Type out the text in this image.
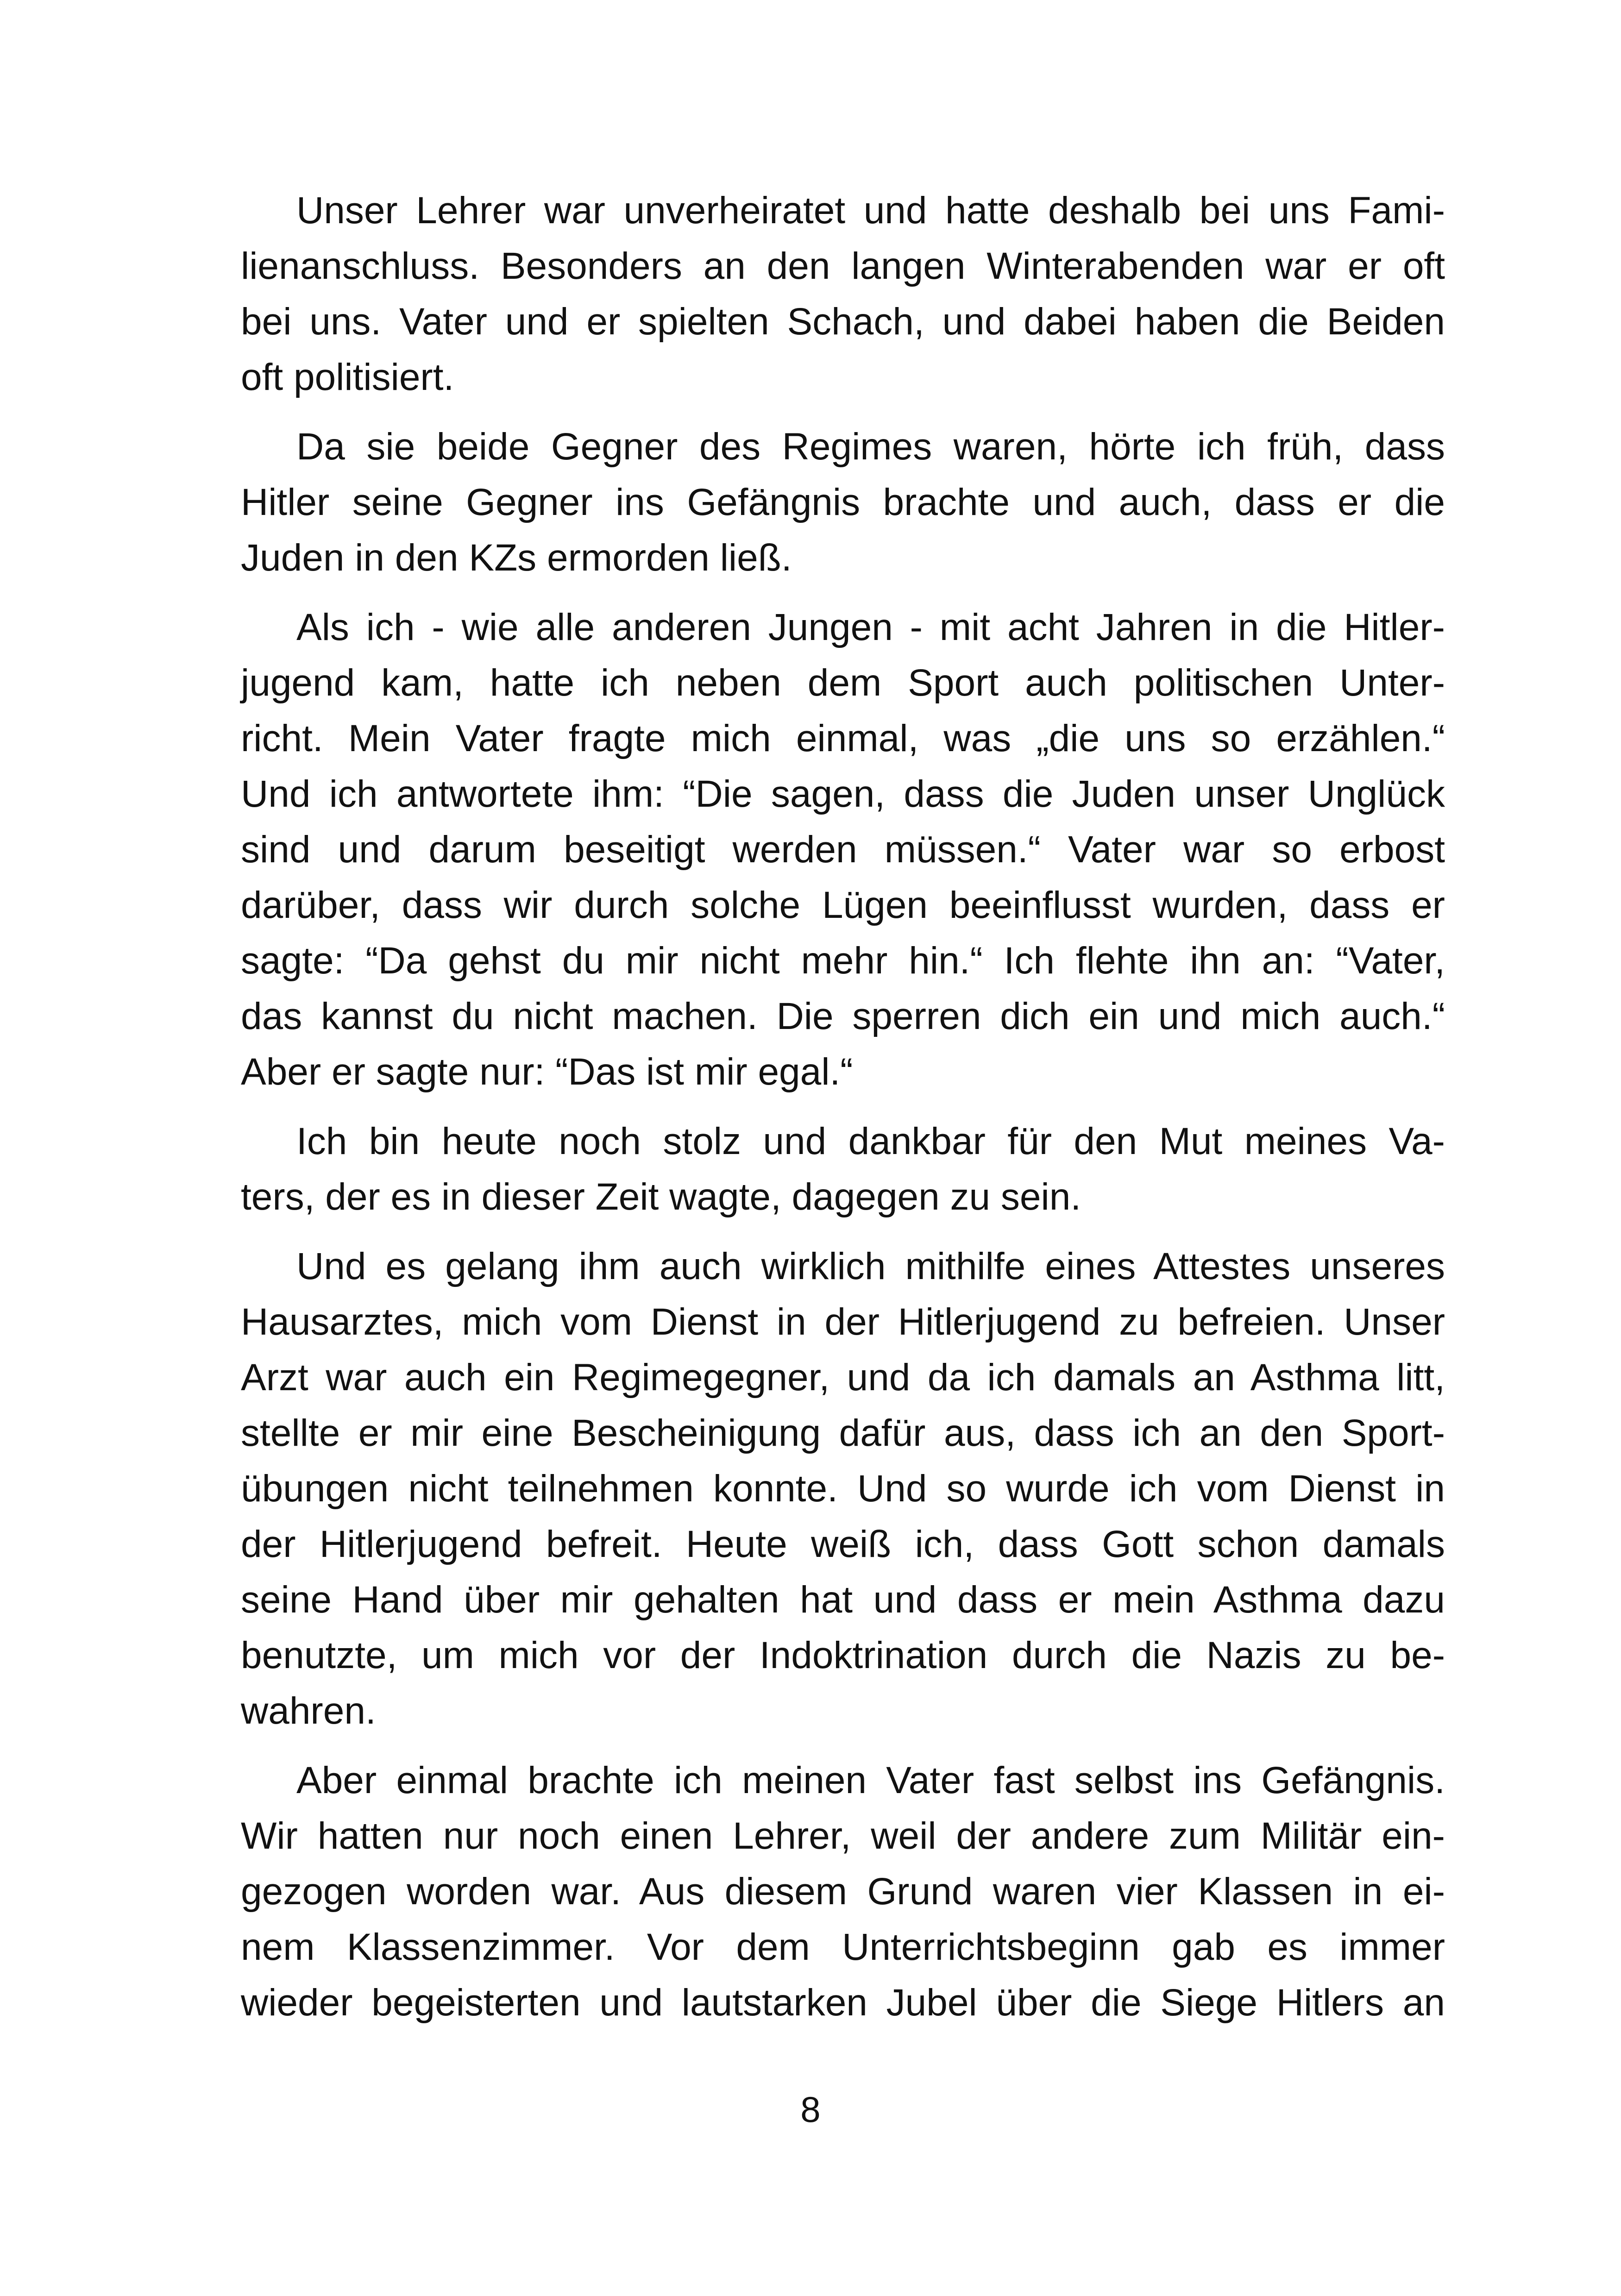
Unser Lehrer war unverheiratet und hatte deshalb bei uns Fami-
lienanschluss. Besonders an den langen Winterabenden war er oft
bei uns. Vater und er spielten Schach, und dabei haben die Beiden
oft politisiert.
Da sie beide Gegner des Regimes waren, hörte ich früh, dass
Hitler seine Gegner ins Gefängnis brachte und auch, dass er die
Juden in den KZs ermorden ließ.
Als ich - wie alle anderen Jungen - mit acht Jahren in die Hitler-
jugend kam, hatte ich neben dem Sport auch politischen Unter-
richt. Mein Vater fragte mich einmal, was „die uns so erzählen.“
Und ich antwortete ihm: “Die sagen, dass die Juden unser Unglück
sind und darum beseitigt werden müssen.“ Vater war so erbost
darüber, dass wir durch solche Lügen beeinflusst wurden, dass er
sagte: “Da gehst du mir nicht mehr hin.“ Ich flehte ihn an: “Vater,
das kannst du nicht machen. Die sperren dich ein und mich auch.“
Aber er sagte nur: “Das ist mir egal.“
Ich bin heute noch stolz und dankbar für den Mut meines Va-
ters, der es in dieser Zeit wagte, dagegen zu sein.
Und es gelang ihm auch wirklich mithilfe eines Attestes unseres
Hausarztes, mich vom Dienst in der Hitlerjugend zu befreien. Unser
Arzt war auch ein Regimegegner, und da ich damals an Asthma litt,
stellte er mir eine Bescheinigung dafür aus, dass ich an den Sport-
übungen nicht teilnehmen konnte. Und so wurde ich vom Dienst in
der Hitlerjugend befreit. Heute weiß ich, dass Gott schon damals
seine Hand über mir gehalten hat und dass er mein Asthma dazu
benutzte, um mich vor der Indoktrination durch die Nazis zu be-
wahren.
Aber einmal brachte ich meinen Vater fast selbst ins Gefängnis.
Wir hatten nur noch einen Lehrer, weil der andere zum Militär ein-
gezogen worden war. Aus diesem Grund waren vier Klassen in ei-
nem Klassenzimmer. Vor dem Unterrichtsbeginn gab es immer
wieder begeisterten und lautstarken Jubel über die Siege Hitlers an
8
